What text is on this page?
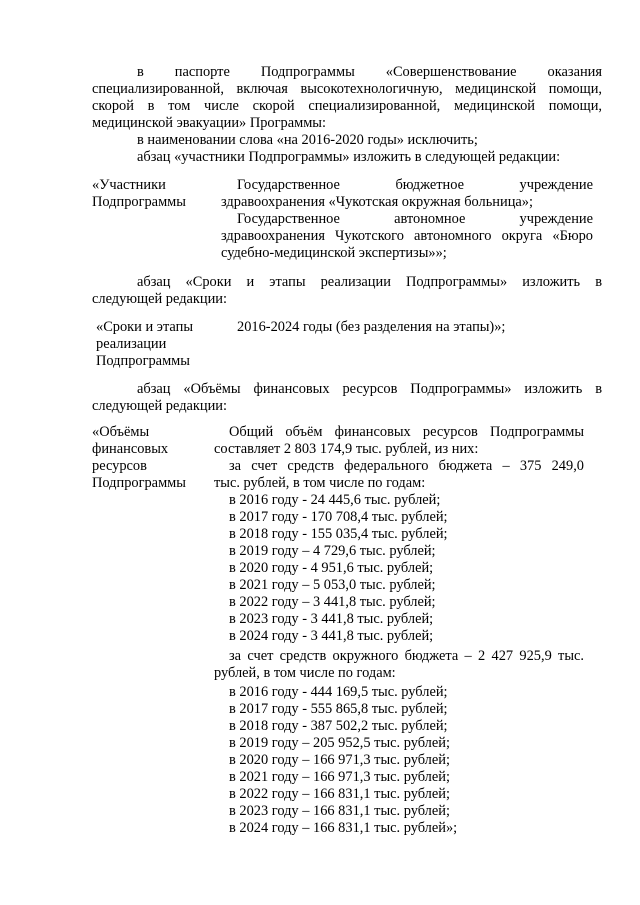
в паспорте Подпрограммы «Совершенствование оказания
специализированной, включая высокотехнологичную, медицинской помощи,
скорой в том числе скорой специализированной, медицинской помощи,
медицинской эвакуации» Программы:
в наименовании слова «на 2016-2020 годы» исключить;
абзац «участники Подпрограммы» изложить в следующей редакции:
«Участники
Подпрограммы
Государственное бюджетное учреждение
здравоохранения «Чукотская окружная больница»;
Государственное автономное учреждение
здравоохранения Чукотского автономного округа «Бюро
судебно-медицинской экспертизы»»;
абзац «Сроки и этапы реализации Подпрограммы» изложить в
следующей редакции:
«Сроки и этапы
реализации
Подпрограммы
2016-2024 годы (без разделения на этапы)»;
абзац «Объёмы финансовых ресурсов Подпрограммы» изложить в
следующей редакции:
«Объёмы
финансовых
ресурсов
Подпрограммы
Общий объём финансовых ресурсов Подпрограммы
составляет 2 803 174,9 тыс. рублей, из них:
за счет средств федерального бюджета – 375 249,0
тыс. рублей, в том числе по годам:
в 2016 году - 24 445,6 тыс. рублей;
в 2017 году - 170 708,4 тыс. рублей;
в 2018 году - 155 035,4 тыс. рублей;
в 2019 году – 4 729,6 тыс. рублей;
в 2020 году - 4 951,6 тыс. рублей;
в 2021 году – 5 053,0 тыс. рублей;
в 2022 году – 3 441,8 тыс. рублей;
в 2023 году - 3 441,8 тыс. рублей;
в 2024 году - 3 441,8 тыс. рублей;
за счет средств окружного бюджета – 2 427 925,9 тыс.
рублей, в том числе по годам:
в 2016 году - 444 169,5 тыс. рублей;
в 2017 году - 555 865,8 тыс. рублей;
в 2018 году - 387 502,2 тыс. рублей;
в 2019 году – 205 952,5 тыс. рублей;
в 2020 году – 166 971,3 тыс. рублей;
в 2021 году – 166 971,3 тыс. рублей;
в 2022 году – 166 831,1 тыс. рублей;
в 2023 году – 166 831,1 тыс. рублей;
в 2024 году – 166 831,1 тыс. рублей»;
